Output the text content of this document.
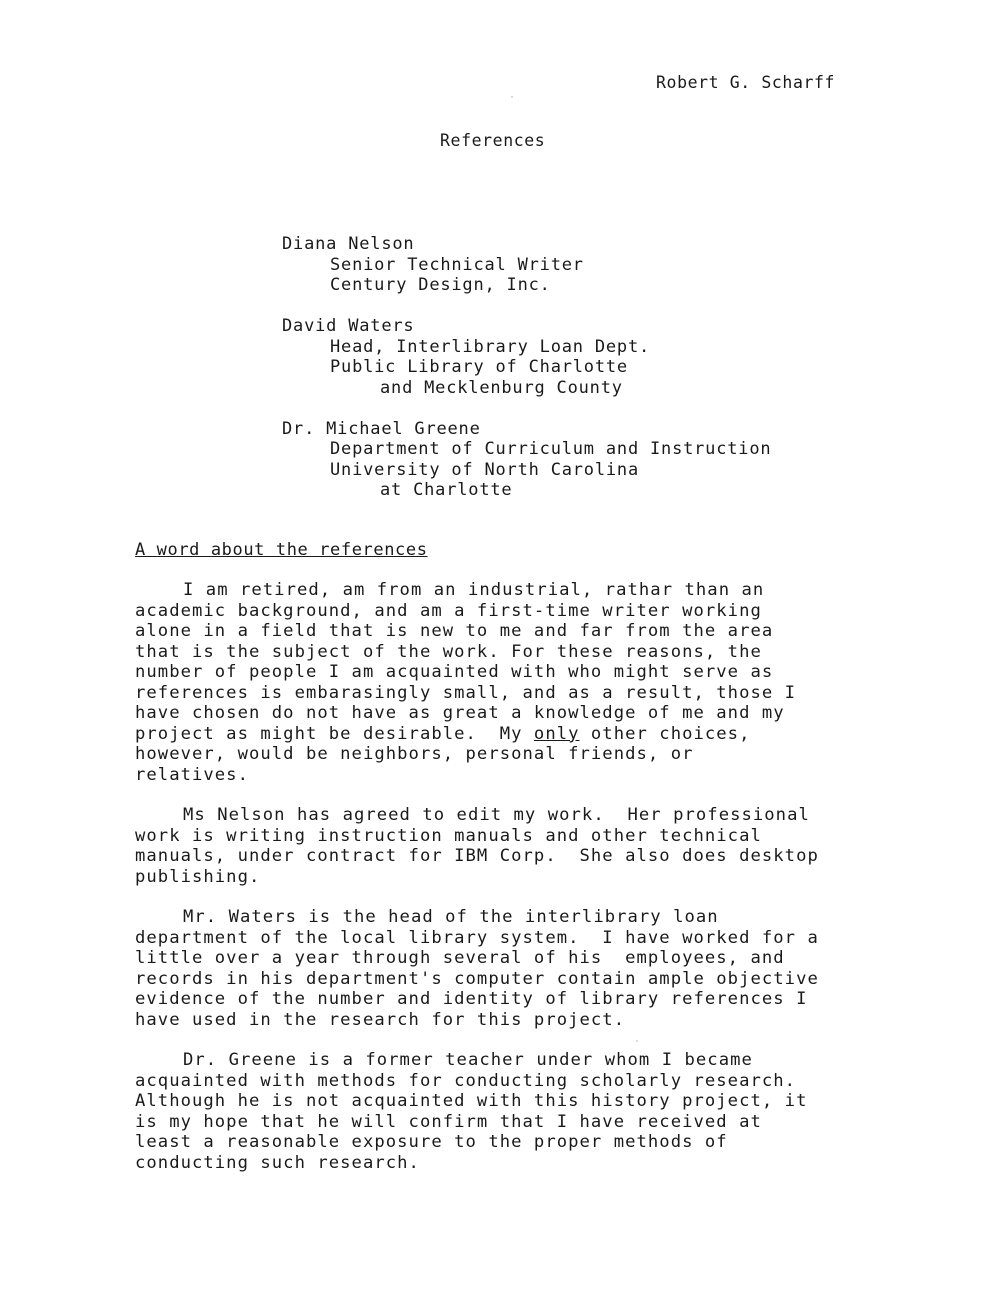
Robert G. Scharff
References
Diana Nelson
Senior Technical Writer
Century Design, Inc.
David Waters
Head, Interlibrary Loan Dept.
Public Library of Charlotte
and Mecklenburg County
Dr. Michael Greene
Department of Curriculum and Instruction
University of North Carolina
at Charlotte
A word about the references
I am retired, am from an industrial, rathar than an
academic background, and am a first-time writer working
alone in a field that is new to me and far from the area
that is the subject of the work. For these reasons, the
number of people I am acquainted with who might serve as
references is embarasingly small, and as a result, those I
have chosen do not have as great a knowledge of me and my
project as might be desirable.  My only other choices,
however, would be neighbors, personal friends, or
relatives.
Ms Nelson has agreed to edit my work.  Her professional
work is writing instruction manuals and other technical
manuals, under contract for IBM Corp.  She also does desktop
publishing.
Mr. Waters is the head of the interlibrary loan
department of the local library system.  I have worked for a
little over a year through several of his  employees, and
records in his department's computer contain ample objective
evidence of the number and identity of library references I
have used in the research for this project.
Dr. Greene is a former teacher under whom I became
acquainted with methods for conducting scholarly research.
Although he is not acquainted with this history project, it
is my hope that he will confirm that I have received at
least a reasonable exposure to the proper methods of
conducting such research.
